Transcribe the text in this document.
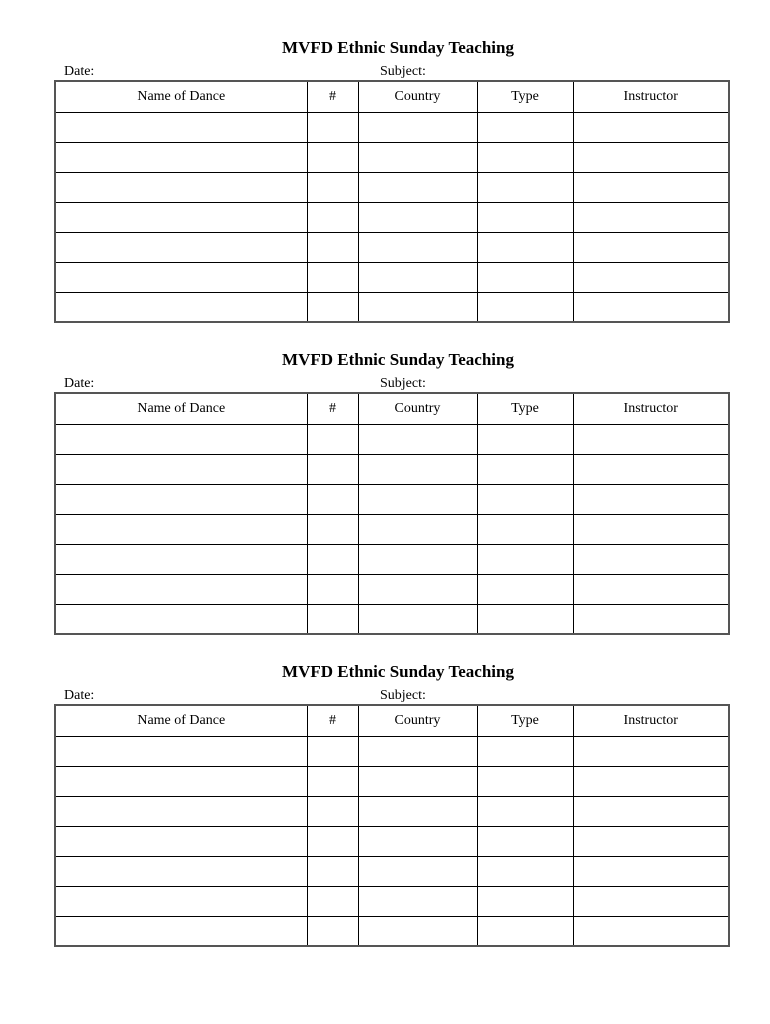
MVFD Ethnic Sunday Teaching
Date:	Subject:
Name of Dance	#	Country	Type	Instructor

MVFD Ethnic Sunday Teaching
Date:	Subject:
Name of Dance	#	Country	Type	Instructor

MVFD Ethnic Sunday Teaching
Date:	Subject:
Name of Dance	#	Country	Type	Instructor
